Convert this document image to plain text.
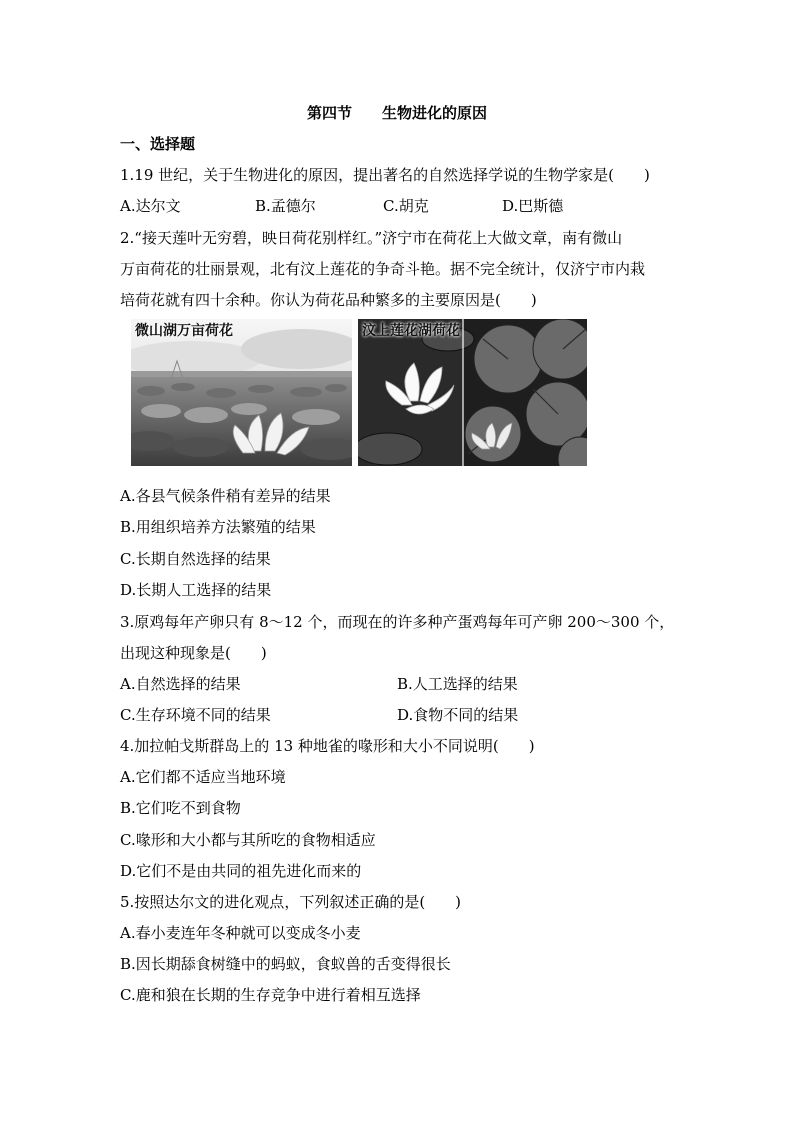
第四节　　生物进化的原因
一、选择题
1.19 世纪，关于生物进化的原因，提出著名的自然选择学说的生物学家是(　　)
A.达尔文	B.孟德尔	C.胡克	D.巴斯德
2.“接天莲叶无穷碧，映日荷花别样红。”济宁市在荷花上大做文章，南有微山
万亩荷花的壮丽景观，北有汶上莲花的争奇斗艳。据不完全统计，仅济宁市内栽
培荷花就有四十余种。你认为荷花品种繁多的主要原因是(　　)
微山湖万亩荷花	汶上莲花湖荷花
A.各县气候条件稍有差异的结果
B.用组织培养方法繁殖的结果
C.长期自然选择的结果
D.长期人工选择的结果
3.原鸡每年产卵只有 8～12 个，而现在的许多种产蛋鸡每年可产卵 200～300 个，
出现这种现象是(　　)
A.自然选择的结果	B.人工选择的结果
C.生存环境不同的结果	D.食物不同的结果
4.加拉帕戈斯群岛上的 13 种地雀的喙形和大小不同说明(　　)
A.它们都不适应当地环境
B.它们吃不到食物
C.喙形和大小都与其所吃的食物相适应
D.它们不是由共同的祖先进化而来的
5.按照达尔文的进化观点，下列叙述正确的是(　　)
A.春小麦连年冬种就可以变成冬小麦
B.因长期舔食树缝中的蚂蚁，食蚁兽的舌变得很长
C.鹿和狼在长期的生存竞争中进行着相互选择
